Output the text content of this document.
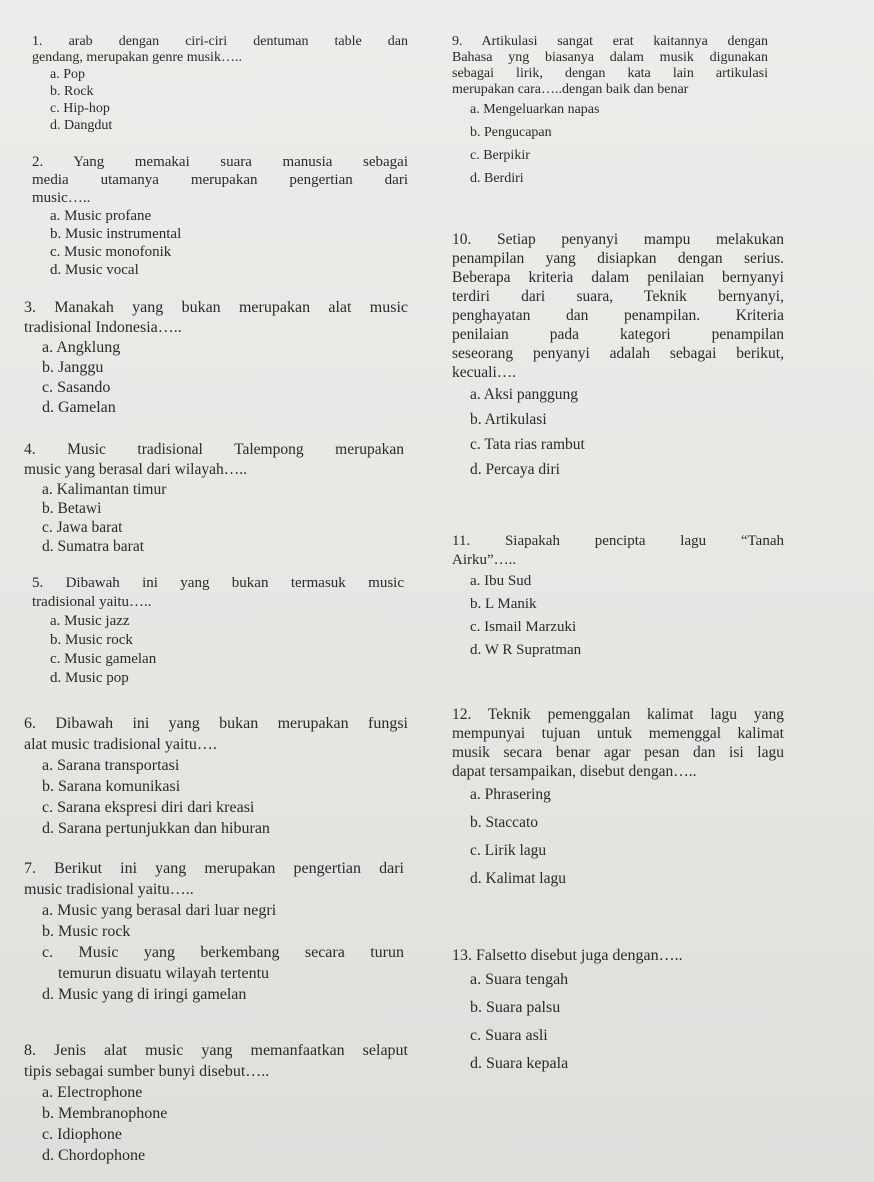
1. arab dengan ciri-ciri dentuman table dan
gendang, merupakan genre musik…..
a. Pop
b. Rock
c. Hip-hop
d. Dangdut
2. Yang memakai suara manusia sebagai
media utamanya merupakan pengertian dari
music…..
a. Music profane
b. Music instrumental
c. Music monofonik
d. Music vocal
3. Manakah yang bukan merupakan alat music
tradisional Indonesia…..
a. Angklung
b. Janggu
c. Sasando
d. Gamelan
4. Music tradisional Talempong merupakan
music yang berasal dari wilayah…..
a. Kalimantan timur
b. Betawi
c. Jawa barat
d. Sumatra barat
5. Dibawah ini yang bukan termasuk music
tradisional yaitu…..
a. Music jazz
b. Music rock
c. Music gamelan
d. Music pop
6. Dibawah ini yang bukan merupakan fungsi
alat music tradisional yaitu….
a. Sarana transportasi
b. Sarana komunikasi
c. Sarana ekspresi diri dari kreasi
d. Sarana pertunjukkan dan hiburan
7. Berikut ini yang merupakan pengertian dari
music tradisional yaitu…..
a. Music yang berasal dari luar negri
b. Music rock
c. Music yang berkembang secara turun
temurun disuatu wilayah tertentu
d. Music yang di iringi gamelan
8. Jenis alat music yang memanfaatkan selaput
tipis sebagai sumber bunyi disebut…..
a. Electrophone
b. Membranophone
c. Idiophone
d. Chordophone
9. Artikulasi sangat erat kaitannya dengan
Bahasa yng biasanya dalam musik digunakan
sebagai lirik, dengan kata lain artikulasi
merupakan cara…..dengan baik dan benar
a. Mengeluarkan napas
b. Pengucapan
c. Berpikir
d. Berdiri
10. Setiap penyanyi mampu melakukan
penampilan yang disiapkan dengan serius.
Beberapa kriteria dalam penilaian bernyanyi
terdiri dari suara, Teknik bernyanyi,
penghayatan dan penampilan. Kriteria
penilaian pada kategori penampilan
seseorang penyanyi adalah sebagai berikut,
kecuali….
a. Aksi panggung
b. Artikulasi
c. Tata rias rambut
d. Percaya diri
11. Siapakah pencipta lagu “Tanah
Airku”…..
a. Ibu Sud
b. L Manik
c. Ismail Marzuki
d. W R Supratman
12. Teknik pemenggalan kalimat lagu yang
mempunyai tujuan untuk memenggal kalimat
musik secara benar agar pesan dan isi lagu
dapat tersampaikan, disebut dengan…..
a. Phrasering
b. Staccato
c. Lirik lagu
d. Kalimat lagu
13. Falsetto disebut juga dengan…..
a. Suara tengah
b. Suara palsu
c. Suara asli
d. Suara kepala
